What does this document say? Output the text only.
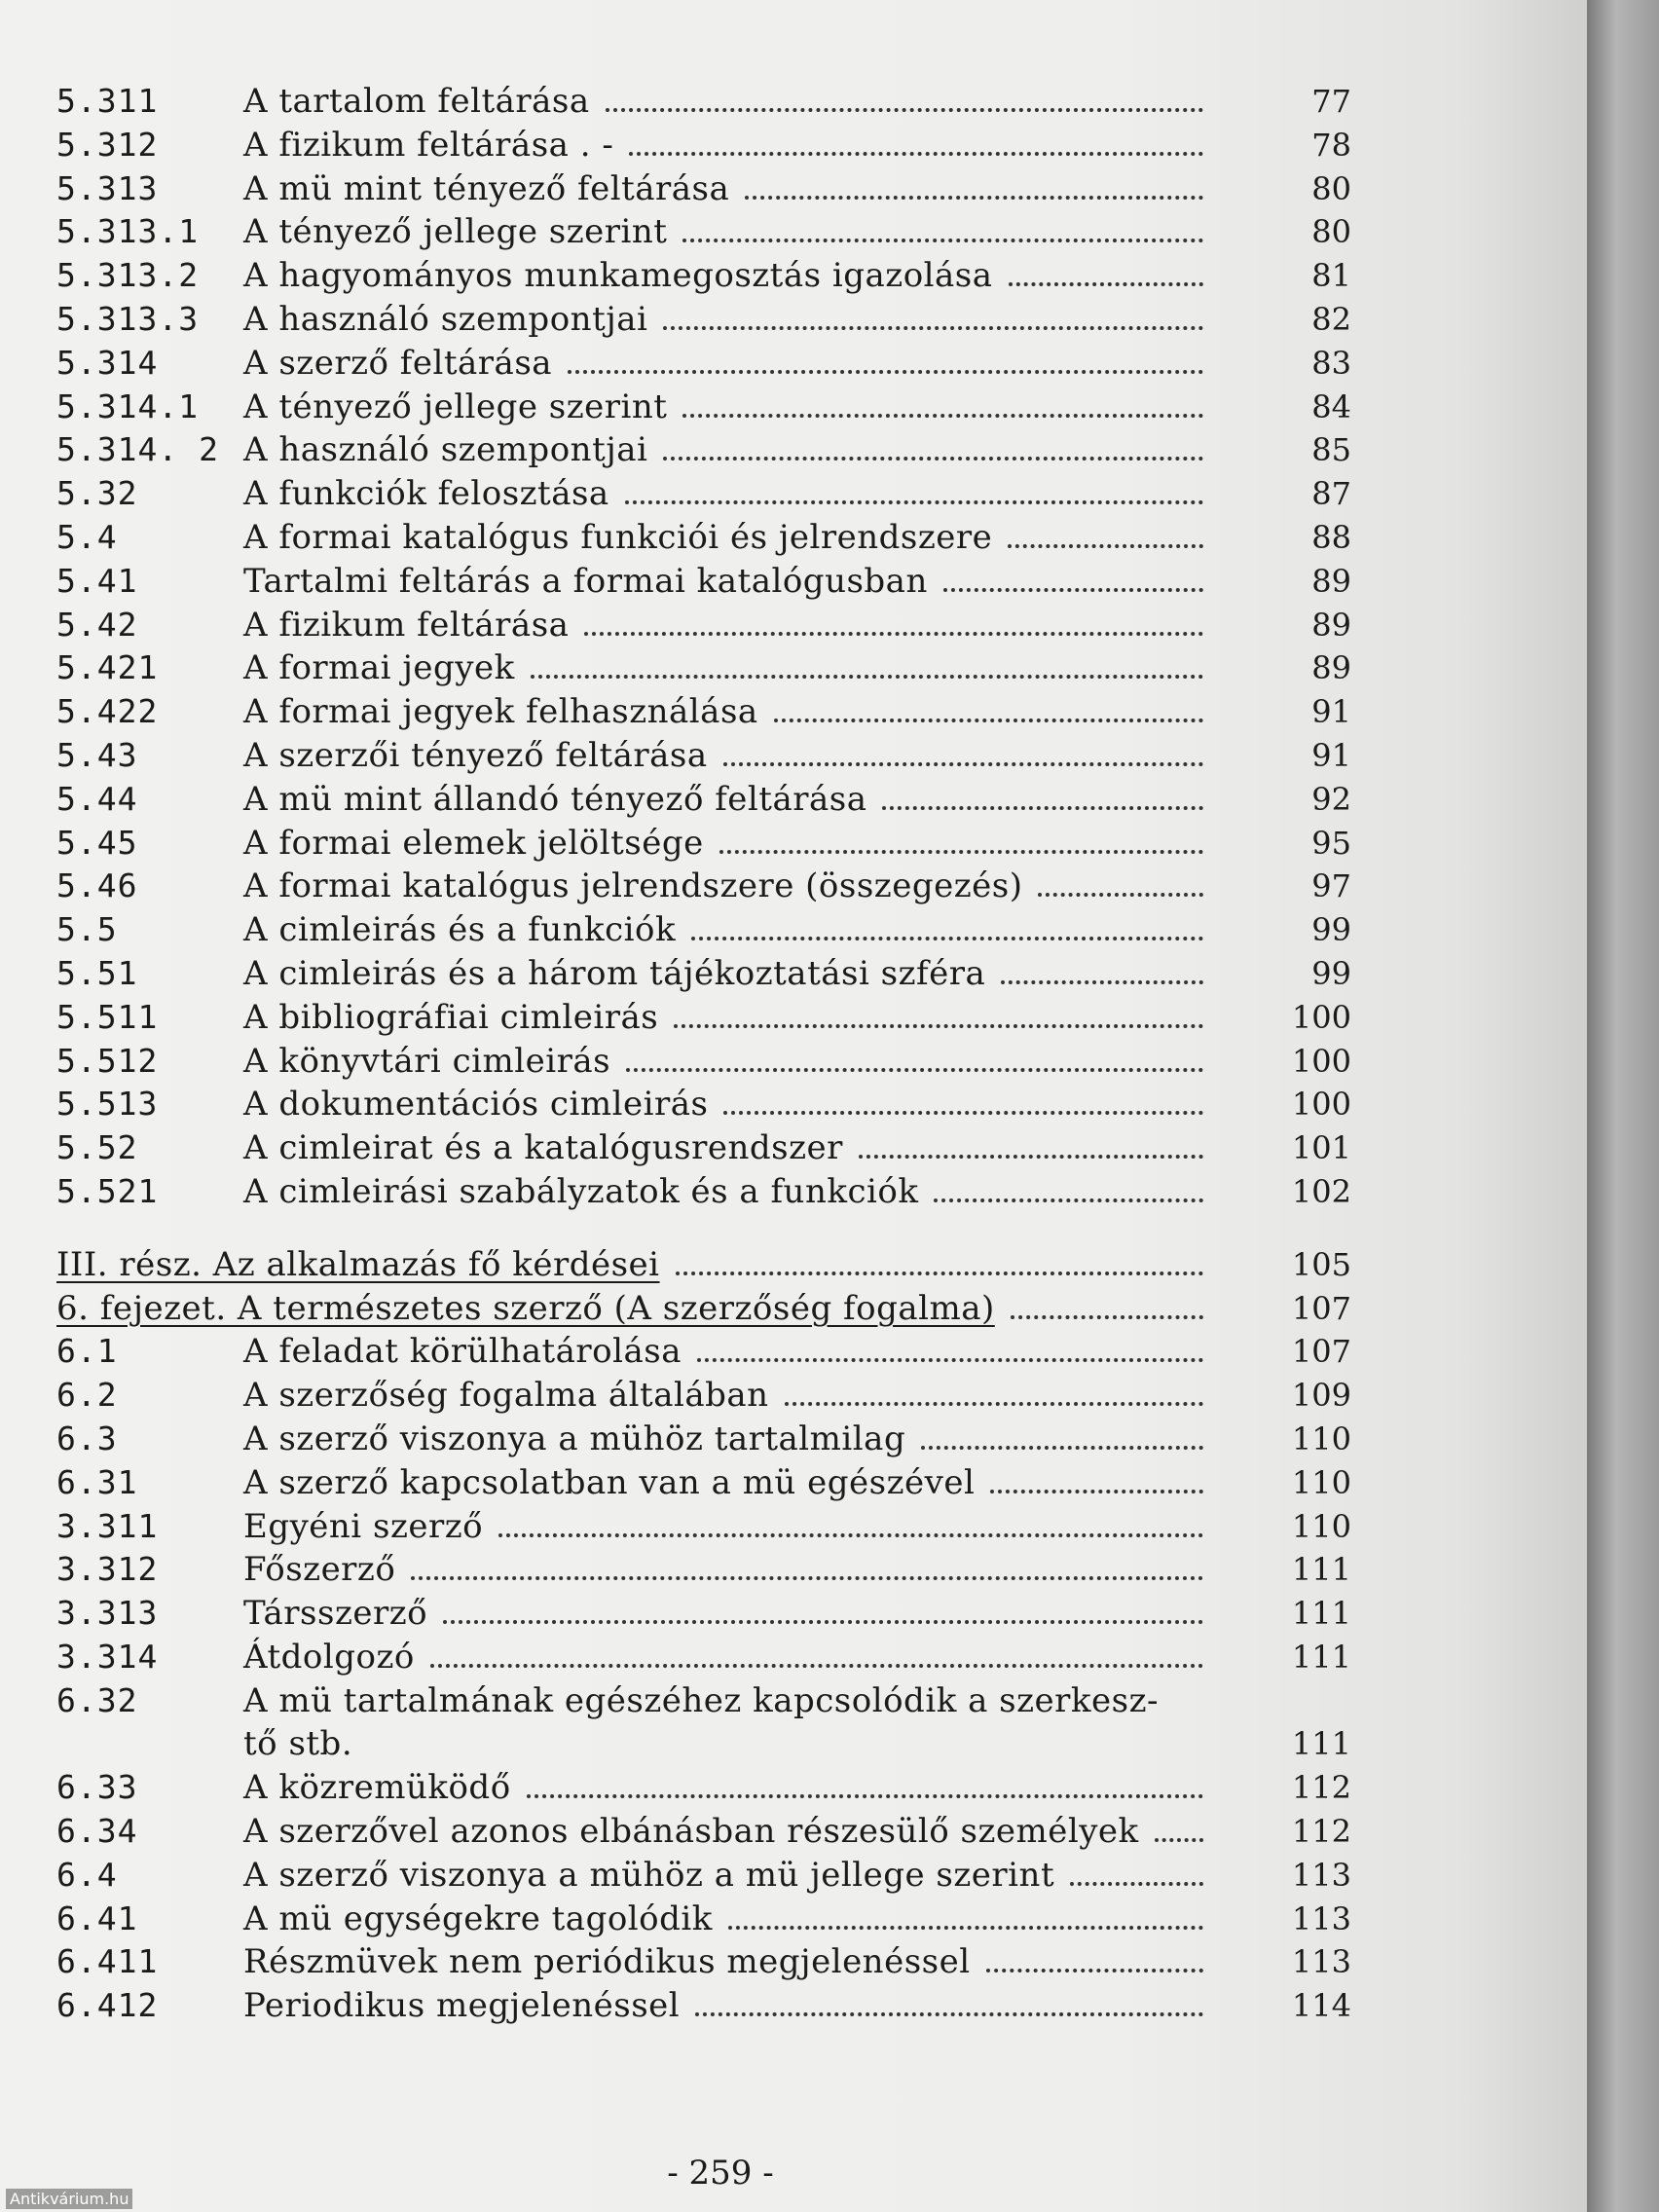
5.311	A tartalom feltárása	77
5.312	A fizikum feltárása . -	78
5.313	A mü mint tényező feltárása	80
5.313.1	A tényező jellege szerint	80
5.313.2	A hagyományos munkamegosztás igazolása	81
5.313.3	A használó szempontjai	82
5.314	A szerző feltárása	83
5.314.1	A tényező jellege szerint	84
5.314. 2 A használó szempontjai	85
5.32	A funkciók felosztása	87
5.4	A formai katalógus funkciói és jelrendszere	88
5.41	Tartalmi feltárás a formai katalógusban	89
5.42	A fizikum feltárása	89
5.421	A formai jegyek	89
5.422	A formai jegyek felhasználása	91
5.43	A szerzői tényező feltárása	91
5.44	A mü mint állandó tényező feltárása	92
5.45	A formai elemek jelöltsége	95
5.46	A formai katalógus jelrendszere (összegezés)	97
5.5	A cimleirás és a funkciók	99
5.51	A cimleirás és a három tájékoztatási szféra	99
5.511	A bibliográfiai cimleirás	100
5.512	A könyvtári cimleirás	100
5.513	A dokumentációs cimleirás	100
5.52	A cimleirat és a katalógusrendszer	101
5.521	A cimleirási szabályzatok és a funkciók	102
III. rész. Az alkalmazás fő kérdései	105
6. fejezet. A természetes szerző (A szerzőség fogalma)	107
6.1	A feladat körülhatárolása	107
6.2	A szerzőség fogalma általában	109
6.3	A szerző viszonya a mühöz tartalmilag	110
6.31	A szerző kapcsolatban van a mü egészével	110
3.311	Egyéni szerző	110
3.312	Főszerző	111
3.313	Társszerző	111
3.314	Átdolgozó	111
6.32	A mü tartalmának egészéhez kapcsolódik a szerkesz-
tő stb.	111
6.33	A közremüködő	112
6.34	A szerzővel azonos elbánásban részesülő személyek	112
6.4	A szerző viszonya a mühöz a mü jellege szerint	113
6.41	A mü egységekre tagolódik	113
6.411	Részmüvek nem periódikus megjelenéssel	113
6.412	Periodikus megjelenéssel	114
- 259 -
Antikvárium.hu
